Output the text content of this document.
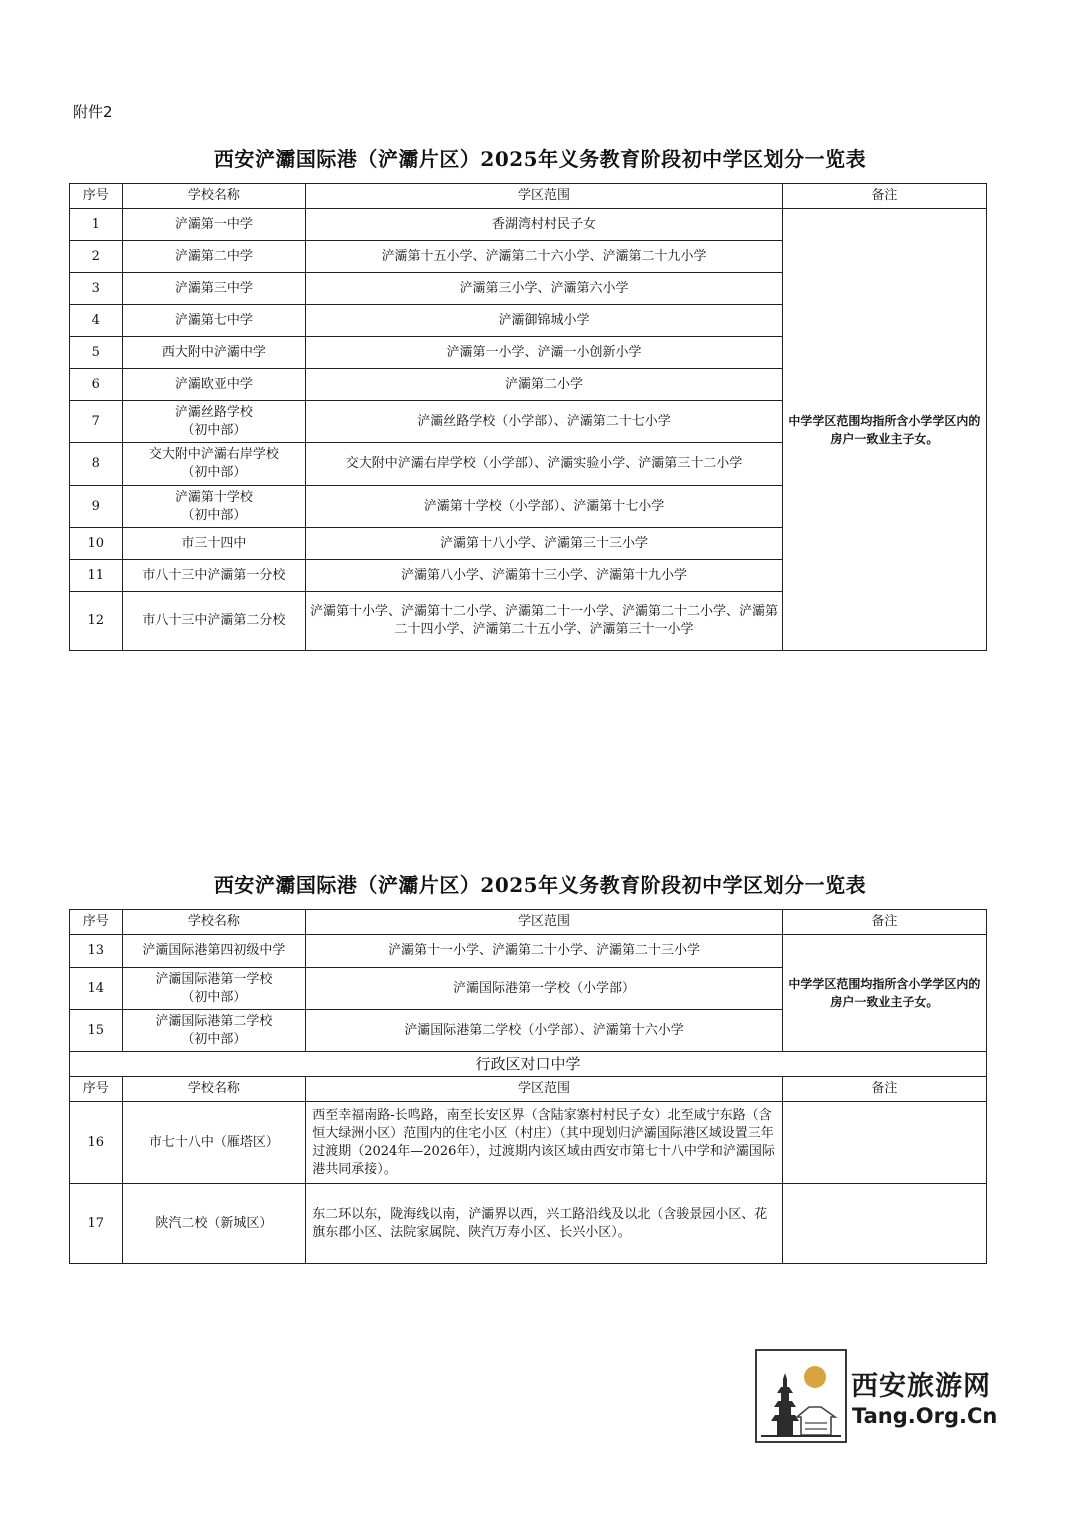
附件2
西安浐灞国际港（浐灞片区）2025年义务教育阶段初中学区划分一览表
序号	学校名称	学区范围	备注
1	浐灞第一中学	香湖湾村村民子女	中学学区范围均指所含小学学区内的房户一致业主子女。
2	浐灞第二中学	浐灞第十五小学、浐灞第二十六小学、浐灞第二十九小学	
3	浐灞第三中学	浐灞第三小学、浐灞第六小学	
4	浐灞第七中学	浐灞御锦城小学	
5	西大附中浐灞中学	浐灞第一小学、浐灞一小创新小学	
6	浐灞欧亚中学	浐灞第二小学	
7	浐灞丝路学校
（初中部）	浐灞丝路学校（小学部）、浐灞第二十七小学	
8	交大附中浐灞右岸学校
（初中部）	交大附中浐灞右岸学校（小学部）、浐灞实验小学、浐灞第三十二小学	
9	浐灞第十学校
（初中部）	浐灞第十学校（小学部）、浐灞第十七小学	
10	市三十四中	浐灞第十八小学、浐灞第三十三小学	
11	市八十三中浐灞第一分校	浐灞第八小学、浐灞第十三小学、浐灞第十九小学	
12	市八十三中浐灞第二分校	浐灞第十小学、浐灞第十二小学、浐灞第二十一小学、浐灞第二十二小学、浐灞第二十四小学、浐灞第二十五小学、浐灞第三十一小学	
西安浐灞国际港（浐灞片区）2025年义务教育阶段初中学区划分一览表
序号	学校名称	学区范围	备注
13	浐灞国际港第四初级中学	浐灞第十一小学、浐灞第二十小学、浐灞第二十三小学	中学学区范围均指所含小学学区内的房户一致业主子女。
14	浐灞国际港第一学校
（初中部）	浐灞国际港第一学校（小学部）	
15	浐灞国际港第二学校
（初中部）	浐灞国际港第二学校（小学部）、浐灞第十六小学	
行政区对口中学			
序号	学校名称	学区范围	备注
16	市七十八中（雁塔区）	西至幸福南路-长鸣路，南至长安区界（含陆家寨村村民子女）北至咸宁东路（含恒大绿洲小区）范围内的住宅小区（村庄）（其中现划归浐灞国际港区域设置三年过渡期（2024年—2026年），过渡期内该区域由西安市第七十八中学和浐灞国际港共同承接）。	
17	陕汽二校（新城区）	东二环以东，陇海线以南，浐灞界以西，兴工路沿线及以北（含骏景园小区、花旗东郡小区、法院家属院、陕汽万寿小区、长兴小区）。	
西安旅游网
Tang.Org.Cn
